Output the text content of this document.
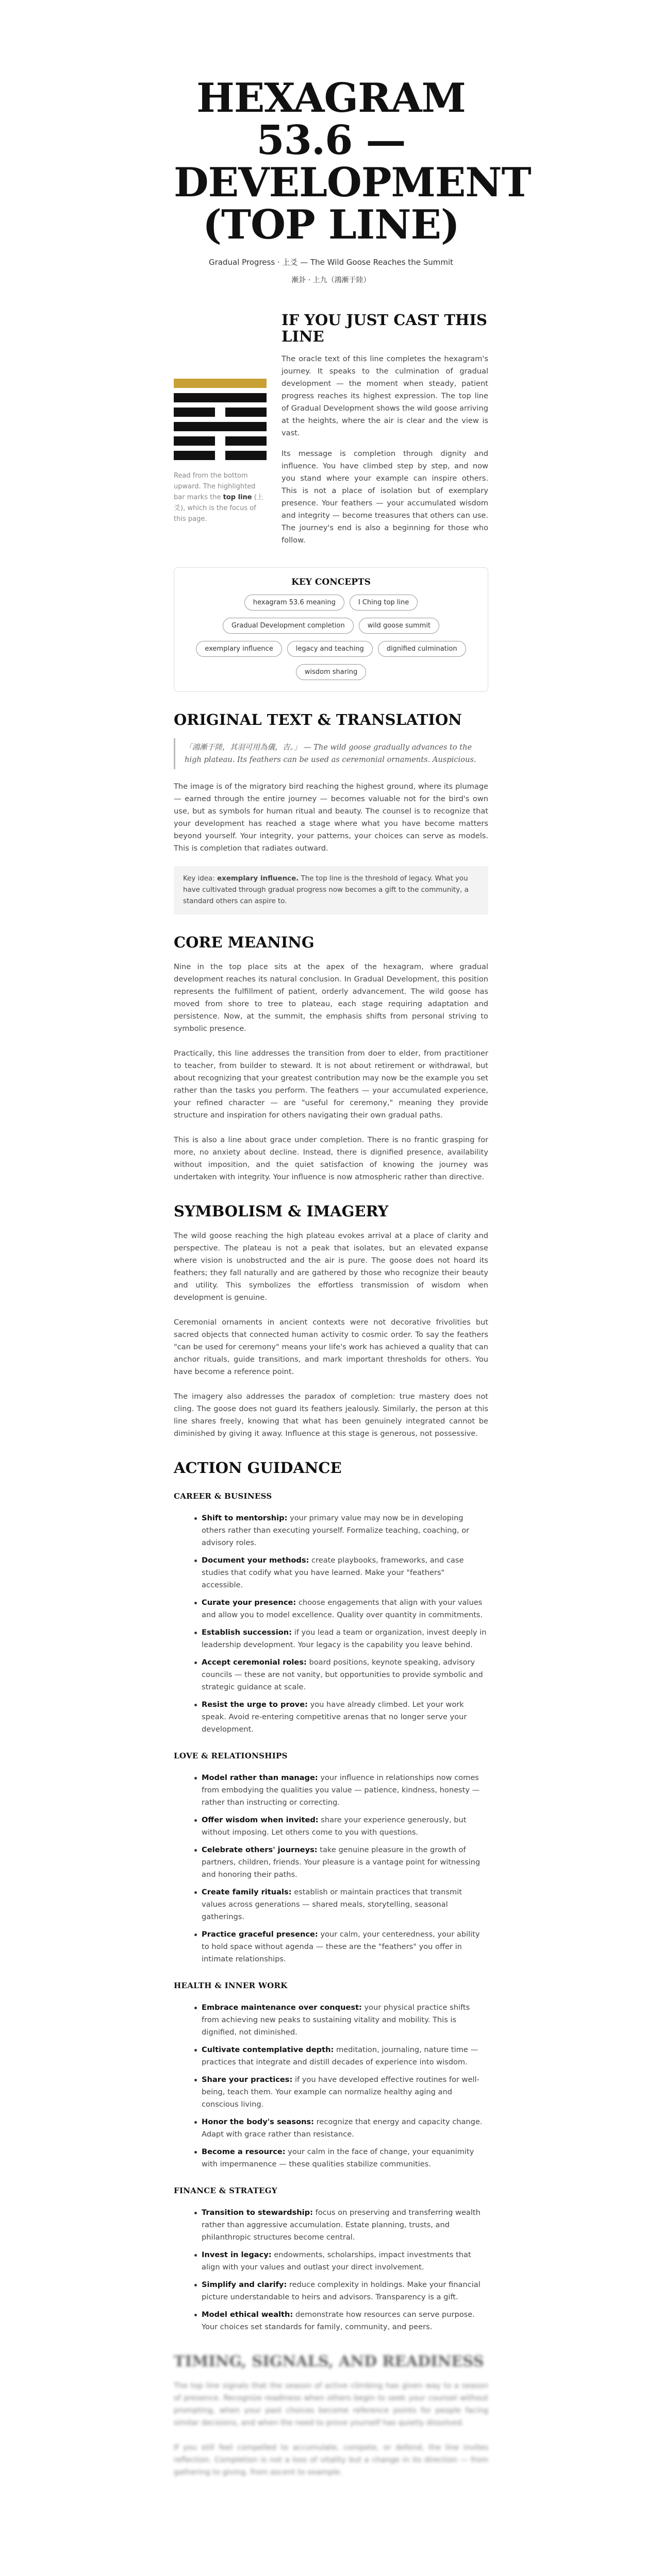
HEXAGRAM 53.6 — DEVELOPMENT (TOP LINE)
Gradual Progress · 上爻 — The Wild Goose Reaches the Summit
漸卦 · 上九（鴻漸于陸）
Read from the bottom upward. The highlighted bar marks the top line (上爻), which is the focus of this page.
IF YOU JUST CAST THIS LINE

The oracle text of this line completes the hexagram's journey. It speaks to the culmination of gradual development — the moment when steady, patient progress reaches its highest expression. The top line of Gradual Development shows the wild goose arriving at the heights, where the air is clear and the view is vast.

Its message is completion through dignity and influence. You have climbed step by step, and now you stand where your example can inspire others. This is not a place of isolation but of exemplary presence. Your feathers — your accumulated wisdom and integrity — become treasures that others can use. The journey's end is also a beginning for those who follow.

KEY CONCEPTS
hexagram 53.6 meaning	I Ching top line
Gradual Development completion	wild goose summit
exemplary influence	legacy and teaching	dignified culmination
wisdom sharing
ORIGINAL TEXT & TRANSLATION
「鴻漸于陸，其羽可用為儀，吉。」 — The wild goose gradually advances to the high plateau. Its feathers can be used as ceremonial ornaments. Auspicious.

The image is of the migratory bird reaching the highest ground, where its plumage — earned through the entire journey — becomes valuable not for the bird's own use, but as symbols for human ritual and beauty. The counsel is to recognize that your development has reached a stage where what you have become matters beyond yourself. Your integrity, your patterns, your choices can serve as models. This is completion that radiates outward.

Key idea: exemplary influence. The top line is the threshold of legacy. What you have cultivated through gradual progress now becomes a gift to the community, a standard others can aspire to.
CORE MEANING

Nine in the top place sits at the apex of the hexagram, where gradual development reaches its natural conclusion. In Gradual Development, this position represents the fulfillment of patient, orderly advancement. The wild goose has moved from shore to tree to plateau, each stage requiring adaptation and persistence. Now, at the summit, the emphasis shifts from personal striving to symbolic presence.

Practically, this line addresses the transition from doer to elder, from practitioner to teacher, from builder to steward. It is not about retirement or withdrawal, but about recognizing that your greatest contribution may now be the example you set rather than the tasks you perform. The feathers — your accumulated experience, your refined character — are "useful for ceremony," meaning they provide structure and inspiration for others navigating their own gradual paths.

This is also a line about grace under completion. There is no frantic grasping for more, no anxiety about decline. Instead, there is dignified presence, availability without imposition, and the quiet satisfaction of knowing the journey was undertaken with integrity. Your influence is now atmospheric rather than directive.

SYMBOLISM & IMAGERY

The wild goose reaching the high plateau evokes arrival at a place of clarity and perspective. The plateau is not a peak that isolates, but an elevated expanse where vision is unobstructed and the air is pure. The goose does not hoard its feathers; they fall naturally and are gathered by those who recognize their beauty and utility. This symbolizes the effortless transmission of wisdom when development is genuine.

Ceremonial ornaments in ancient contexts were not decorative frivolities but sacred objects that connected human activity to cosmic order. To say the feathers "can be used for ceremony" means your life's work has achieved a quality that can anchor rituals, guide transitions, and mark important thresholds for others. You have become a reference point.

The imagery also addresses the paradox of completion: true mastery does not cling. The goose does not guard its feathers jealously. Similarly, the person at this line shares freely, knowing that what has been genuinely integrated cannot be diminished by giving it away. Influence at this stage is generous, not possessive.

ACTION GUIDANCE
CAREER & BUSINESS
Shift to mentorship: your primary value may now be in developing others rather than executing yourself. Formalize teaching, coaching, or advisory roles.
Document your methods: create playbooks, frameworks, and case studies that codify what you have learned. Make your "feathers" accessible.
Curate your presence: choose engagements that align with your values and allow you to model excellence. Quality over quantity in commitments.
Establish succession: if you lead a team or organization, invest deeply in leadership development. Your legacy is the capability you leave behind.
Accept ceremonial roles: board positions, keynote speaking, advisory councils — these are not vanity, but opportunities to provide symbolic and strategic guidance at scale.
Resist the urge to prove: you have already climbed. Let your work speak. Avoid re-entering competitive arenas that no longer serve your development.
LOVE & RELATIONSHIPS
Model rather than manage: your influence in relationships now comes from embodying the qualities you value — patience, kindness, honesty — rather than instructing or correcting.
Offer wisdom when invited: share your experience generously, but without imposing. Let others come to you with questions.
Celebrate others' journeys: take genuine pleasure in the growth of partners, children, friends. Your pleasure is a vantage point for witnessing and honoring their paths.
Create family rituals: establish or maintain practices that transmit values across generations — shared meals, storytelling, seasonal gatherings.
Practice graceful presence: your calm, your centeredness, your ability to hold space without agenda — these are the "feathers" you offer in intimate relationships.
HEALTH & INNER WORK
Embrace maintenance over conquest: your physical practice shifts from achieving new peaks to sustaining vitality and mobility. This is dignified, not diminished.
Cultivate contemplative depth: meditation, journaling, nature time — practices that integrate and distill decades of experience into wisdom.
Share your practices: if you have developed effective routines for well-being, teach them. Your example can normalize healthy aging and conscious living.
Honor the body's seasons: recognize that energy and capacity change. Adapt with grace rather than resistance.
Become a resource: your calm in the face of change, your equanimity with impermanence — these qualities stabilize communities.
FINANCE & STRATEGY
Transition to stewardship: focus on preserving and transferring wealth rather than aggressive accumulation. Estate planning, trusts, and philanthropic structures become central.
Invest in legacy: endowments, scholarships, impact investments that align with your values and outlast your direct involvement.
Simplify and clarify: reduce complexity in holdings. Make your financial picture understandable to heirs and advisors. Transparency is a gift.
Model ethical wealth: demonstrate how resources can serve purpose. Your choices set standards for family, community, and peers.
TIMING, SIGNALS, AND READINESS

The top line signals that the season of active climbing has given way to a season of presence. Recognize readiness when others begin to seek your counsel without prompting, when your past choices become reference points for people facing similar decisions, and when the need to prove yourself has quietly dissolved.

If you still feel compelled to accumulate, compete, or defend, the line invites reflection. Completion is not a loss of vitality but a change in its direction — from gathering to giving, from ascent to example.
